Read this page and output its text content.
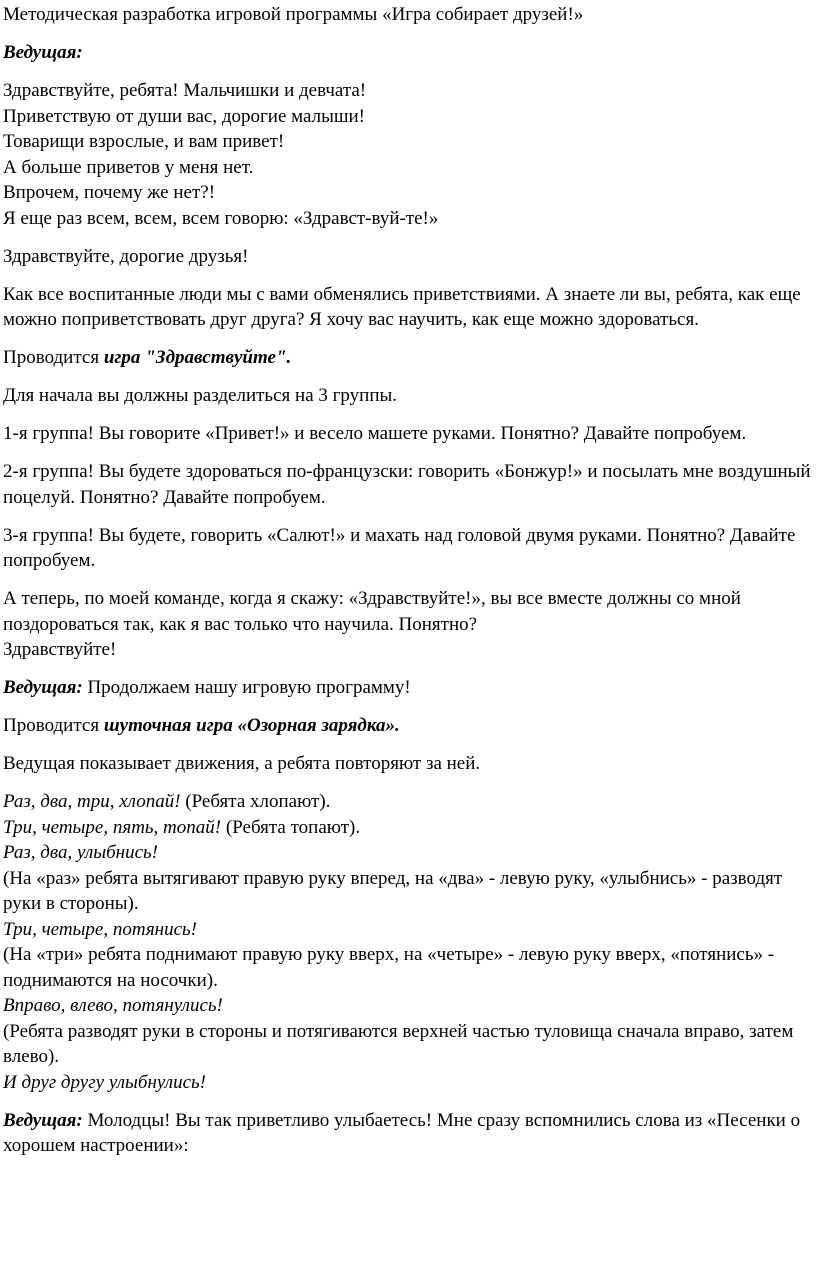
Методическая разработка игровой программы «Игра собирает друзей!»

Ведущая:

Здравствуйте, ребята! Мальчишки и девчата!
Приветствую от души вас, дорогие малыши!
Товарищи взрослые, и вам привет!
А больше приветов у меня нет.
Впрочем, почему же нет?!
Я еще раз всем, всем, всем говорю: «Здравст-вуй-те!»

Здравствуйте, дорогие друзья!

Как все воспитанные люди мы с вами обменялись приветствиями. А знаете ли вы, ребята, как еще можно поприветствовать друг друга? Я хочу вас научить, как еще можно здороваться.

Проводится игра "Здравствуйте".

Для начала вы должны разделиться на 3 группы.

1-я группа! Вы говорите «Привет!» и весело машете руками. Понятно? Давайте попробуем.

2-я группа! Вы будете здороваться по-французски: говорить «Бонжур!» и посылать мне воздушный поцелуй. Понятно? Давайте попробуем.

3-я группа! Вы будете, говорить «Салют!» и махать над головой двумя руками. Понятно? Давайте попробуем.

А теперь, по моей команде, когда я скажу: «Здравствуйте!», вы все вместе должны со мной поздороваться так, как я вас только что научила. Понятно?
Здравствуйте!

Ведущая: Продолжаем нашу игровую программу!

Проводится шуточная игра «Озорная зарядка».

Ведущая показывает движения, а ребята повторяют за ней.

Раз, два, три, хлопай! (Ребята хлопают).
Три, четыре, пять, топай! (Ребята топают).
Раз, два, улыбнись!
(На «раз» ребята вытягивают правую руку вперед, на «два» - левую руку, «улыбнись» - разводят руки в стороны).
Три, четыре, потянись!
(На «три» ребята поднимают правую руку вверх, на «четыре» - левую руку вверх, «потянись» - поднимаются на носочки).
Вправо, влево, потянулись!
(Ребята разводят руки в стороны и потягиваются верхней частью туловища сначала вправо, затем влево).
И друг другу улыбнулись!

Ведущая: Молодцы! Вы так приветливо улыбаетесь! Мне сразу вспомнились слова из «Песенки о хорошем настроении»:
